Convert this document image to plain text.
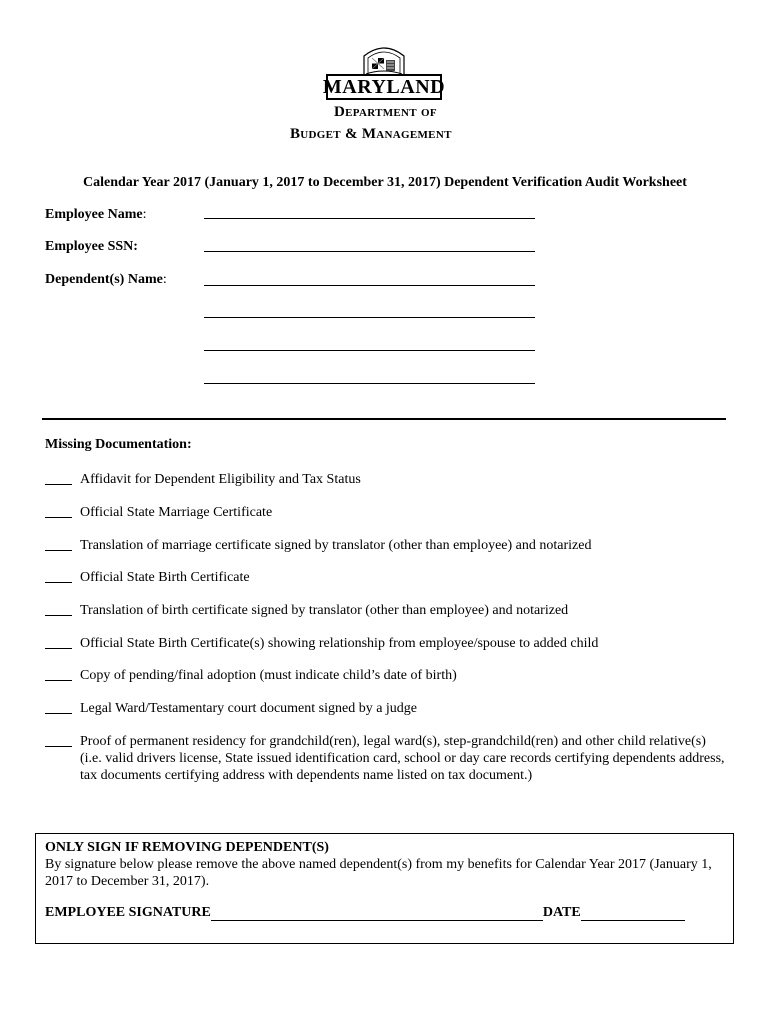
MARYLAND
Department of
Budget & Management
Calendar Year 2017 (January 1, 2017 to December 31, 2017) Dependent Verification Audit Worksheet
Employee Name:
Employee SSN:
Dependent(s) Name:
Missing Documentation:
Affidavit for Dependent Eligibility and Tax Status
Official State Marriage Certificate
Translation of marriage certificate signed by translator (other than employee) and notarized
Official State Birth Certificate
Translation of birth certificate signed by translator (other than employee) and notarized
Official State Birth Certificate(s) showing relationship from employee/spouse to added child
Copy of pending/final adoption (must indicate child’s date of birth)
Legal Ward/Testamentary court document signed by a judge
Proof of permanent residency for grandchild(ren), legal ward(s), step-grandchild(ren) and other child relative(s) (i.e. valid drivers license, State issued identification card, school or day care records certifying dependents address, tax documents certifying address with dependents name listed on tax document.)
ONLY SIGN IF REMOVING DEPENDENT(S)
By signature below please remove the above named dependent(s) from my benefits for Calendar Year 2017 (January 1, 2017 to December 31, 2017).
EMPLOYEE SIGNATURE	DATE
